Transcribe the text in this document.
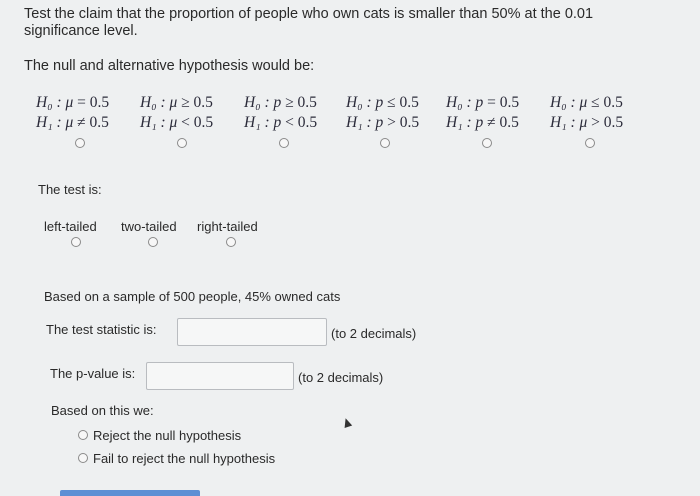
Test the claim that the proportion of people who own cats is smaller than 50% at the 0.01
significance level.
The null and alternative hypothesis would be:
H₀ : μ = 0.5 H₀ : μ ≥ 0.5 H₀ : p ≥ 0.5 H₀ : p ≤ 0.5 H₀ : p = 0.5 H₀ : μ ≤ 0.5
H₁ : μ ≠ 0.5 H₁ : μ < 0.5 H₁ : p < 0.5 H₁ : p > 0.5 H₁ : p ≠ 0.5 H₁ : μ > 0.5
The test is:
left-tailed two-tailed right-tailed
Based on a sample of 500 people, 45% owned cats
The test statistic is:	(to 2 decimals)
The p-value is:	(to 2 decimals)
Based on this we:
Reject the null hypothesis
Fail to reject the null hypothesis
